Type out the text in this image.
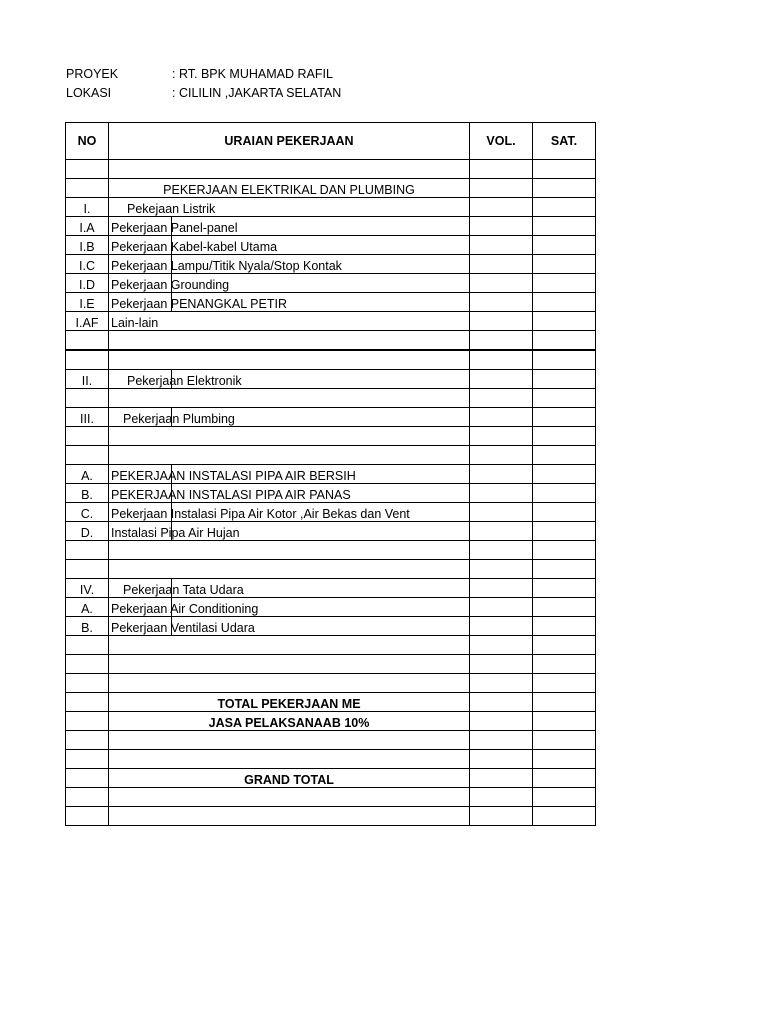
PROYEK	: RT. BPK MUHAMAD RAFIL
LOKASI	: CILILIN ,JAKARTA SELATAN
NO	URAIAN PEKERJAAN	VOL.	SAT.

	PEKERJAAN ELEKTRIKAL DAN PLUMBING		
I.	Pekejaan Listrik		
I.A	Pekerjaan Panel-panel		
I.B	Pekerjaan Kabel-kabel Utama		
I.C	Pekerjaan Lampu/Titik Nyala/Stop Kontak		
I.D	Pekerjaan Grounding		
I.E	Pekerjaan PENANGKAL PETIR		
I.AF	Lain-lain		

II.	Pekerjaan Elektronik		

III.	Pekerjaan Plumbing		

A.	PEKERJAAN INSTALASI PIPA AIR BERSIH		
B.	PEKERJAAN INSTALASI PIPA AIR PANAS		
C.	Pekerjaan Instalasi Pipa Air Kotor ,Air Bekas dan Vent		
D.	Instalasi Pipa Air Hujan		

IV.	Pekerjaan Tata Udara		
A.	Pekerjaan Air Conditioning		
B.	Pekerjaan Ventilasi Udara		

	TOTAL PEKERJAAN ME		
	JASA PELAKSANAAB 10%		

	GRAND TOTAL		
